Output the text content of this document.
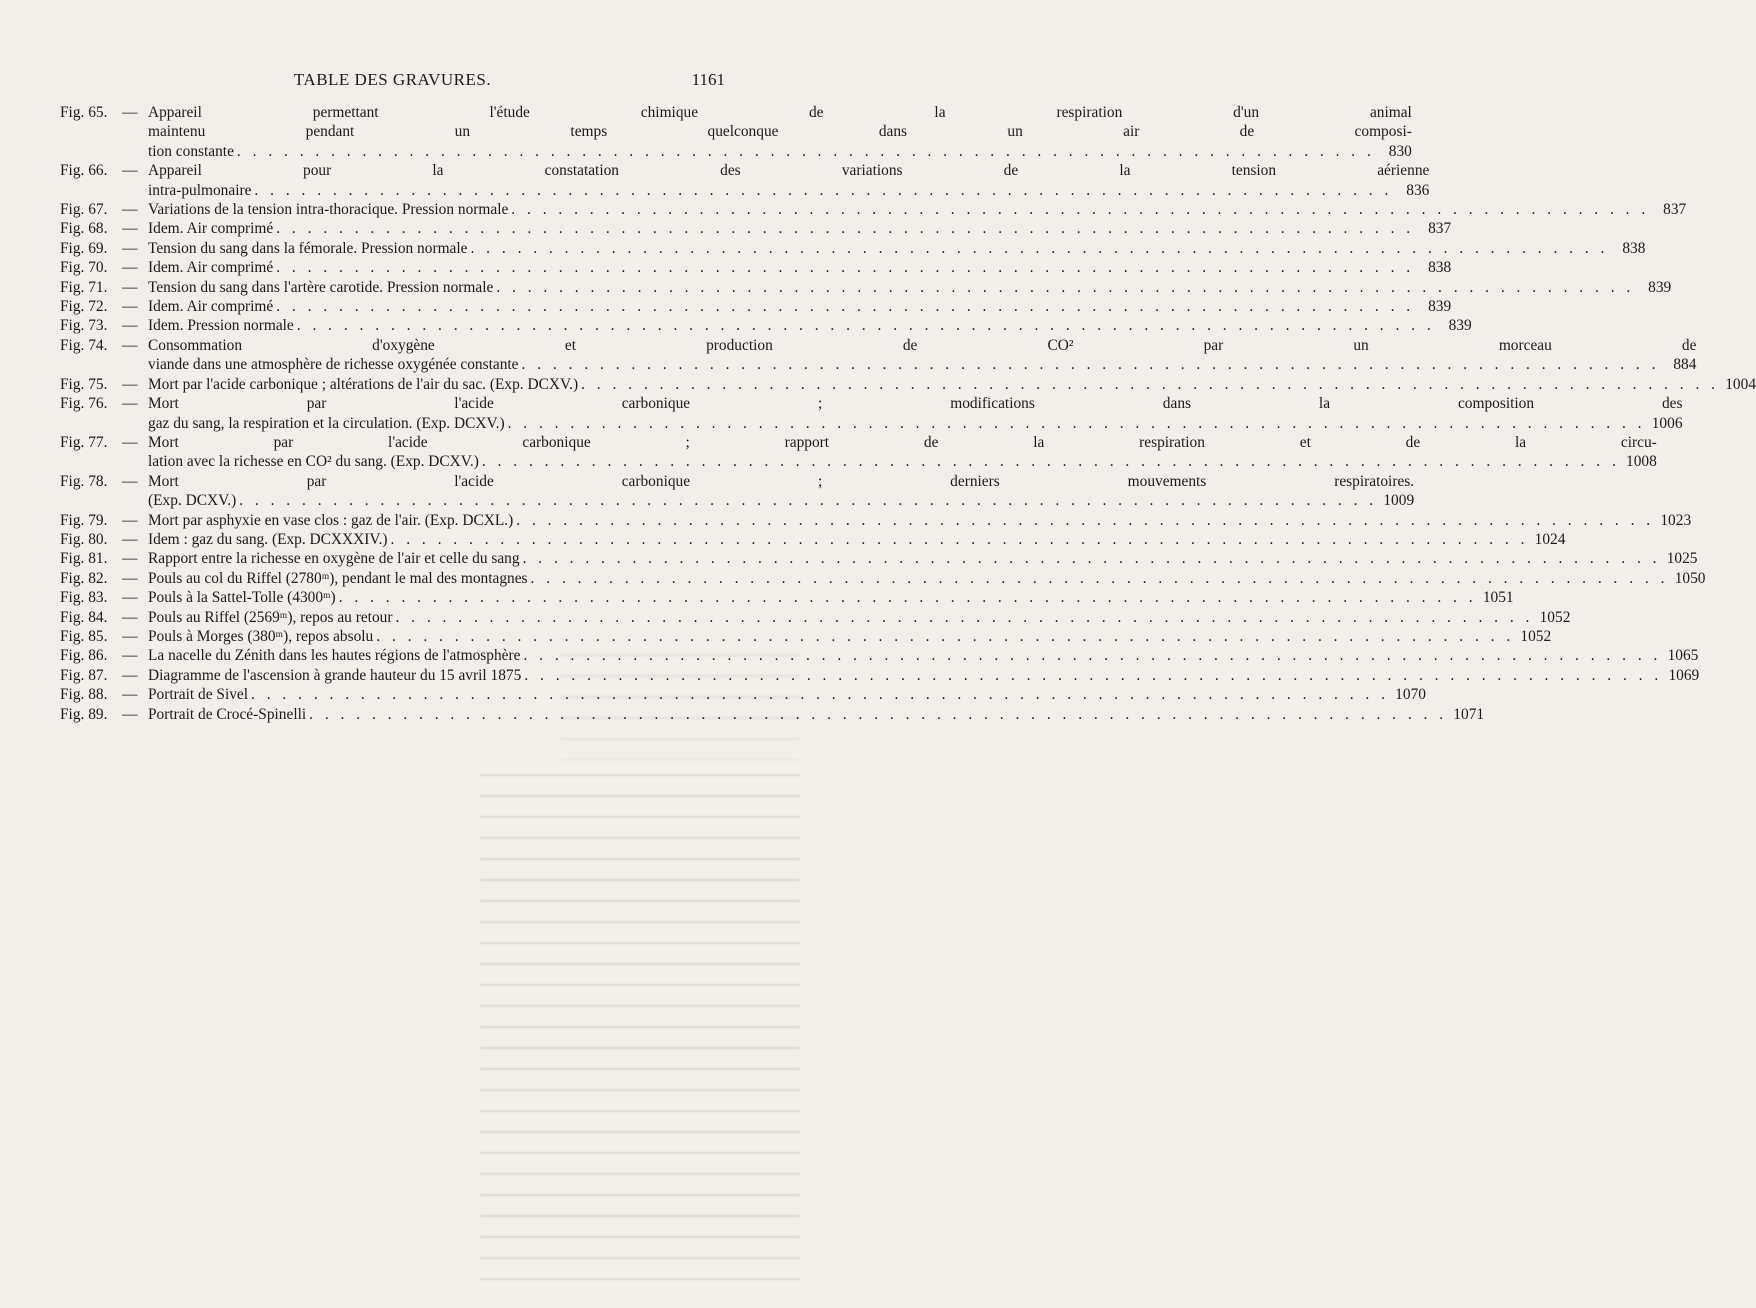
TABLE DES GRAVURES.	1161
Fig. 65. — Appareil permettant l'étude chimique de la respiration d'un animal
maintenu pendant un temps quelconque dans un air de composi-
tion constante . . .	830
Fig. 66. — Appareil pour la constatation des variations de la tension aérienne
intra-pulmonaire . . .	836
Fig. 67. — Variations de la tension intra-thoracique. Pression normale . . .	837
Fig. 68. — Idem. Air comprimé . . .	837
Fig. 69. — Tension du sang dans la fémorale. Pression normale . . .	838
Fig. 70. — Idem. Air comprimé . . .	838
Fig. 71. — Tension du sang dans l'artère carotide. Pression normale . . .	839
Fig. 72. — Idem. Air comprimé . . .	839
Fig. 73. — Idem. Pression normale . . .	839
Fig. 74. — Consommation d'oxygène et production de CO² par un morceau de
viande dans une atmosphère de richesse oxygénée constante . . .	884
Fig. 75. — Mort par l'acide carbonique ; altérations de l'air du sac. (Exp. DCXV.) . . .	1004
Fig. 76. — Mort par l'acide carbonique ; modifications dans la composition des
gaz du sang, la respiration et la circulation. (Exp. DCXV.) . . .	1006
Fig. 77. — Mort par l'acide carbonique ; rapport de la respiration et de la circu-
lation avec la richesse en CO² du sang. (Exp. DCXV.) . . .	1008
Fig. 78. — Mort par l'acide carbonique ; derniers mouvements respiratoires.
(Exp. DCXV.) . . .	1009
Fig. 79. — Mort par asphyxie en vase clos : gaz de l'air. (Exp. DCXL.) . . .	1023
Fig. 80. — Idem : gaz du sang. (Exp. DCXXXIV.) . . .	1024
Fig. 81. — Rapport entre la richesse en oxygène de l'air et celle du sang . . .	1025
Fig. 82. — Pouls au col du Riffel (2780ᵐ), pendant le mal des montagnes . . .	1050
Fig. 83. — Pouls à la Sattel-Tolle (4300ᵐ) . . .	1051
Fig. 84. — Pouls au Riffel (2569ᵐ), repos au retour . . .	1052
Fig. 85. — Pouls à Morges (380ᵐ), repos absolu . . .	1052
Fig. 86. — La nacelle du Zénith dans les hautes régions de l'atmosphère . . .	1065
Fig. 87. — Diagramme de l'ascension à grande hauteur du 15 avril 1875 . . .	1069
Fig. 88. — Portrait de Sivel . . .	1070
Fig. 89. — Portrait de Crocé-Spinelli . . .	1071
